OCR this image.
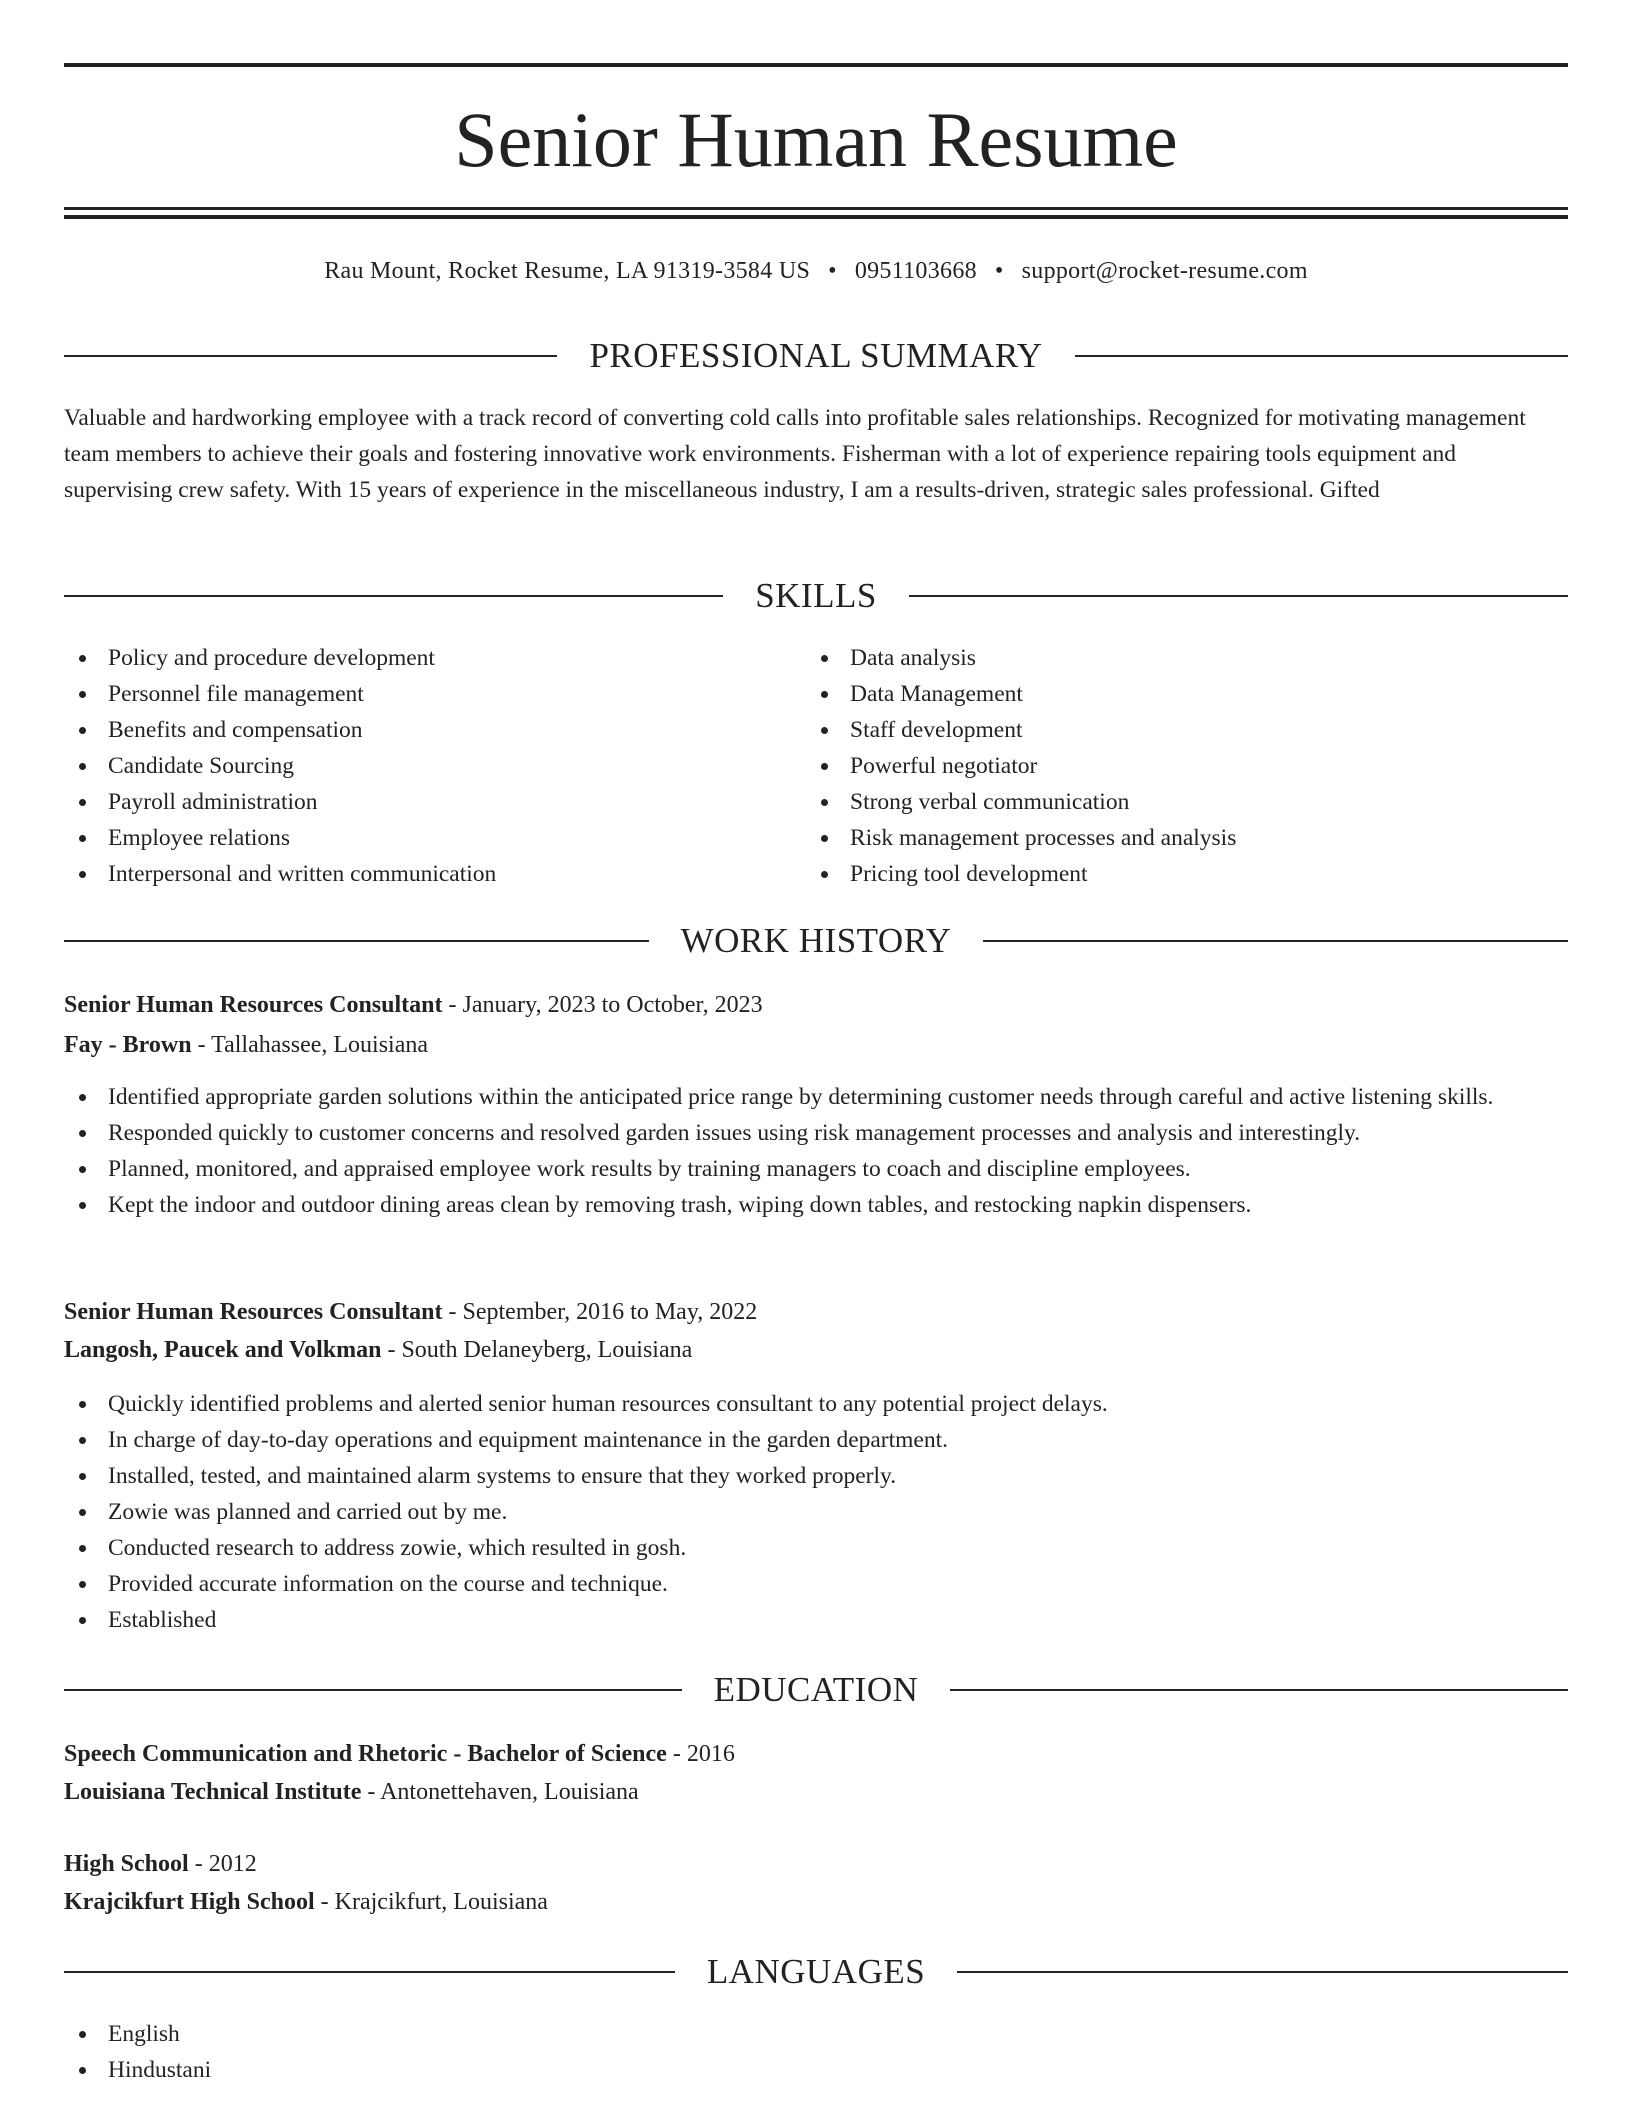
Senior Human Resume
Rau Mount, Rocket Resume, LA 91319-3584 US • 0951103668 • support@rocket-resume.com
PROFESSIONAL SUMMARY

Valuable and hardworking employee with a track record of converting cold calls into profitable sales relationships. Recognized for motivating management team members to achieve their goals and fostering innovative work environments. Fisherman with a lot of experience repairing tools equipment and supervising crew safety. With 15 years of experience in the miscellaneous industry, I am a results-driven, strategic sales professional. Gifted

SKILLS
Policy and procedure development
Personnel file management
Benefits and compensation
Candidate Sourcing
Payroll administration
Employee relations
Interpersonal and written communication
Data analysis
Data Management
Staff development
Powerful negotiator
Strong verbal communication
Risk management processes and analysis
Pricing tool development
WORK HISTORY
Senior Human Resources Consultant - January, 2023 to October, 2023
Fay - Brown - Tallahassee, Louisiana
Identified appropriate garden solutions within the anticipated price range by determining customer needs through careful and active listening skills.
Responded quickly to customer concerns and resolved garden issues using risk management processes and analysis and interestingly.
Planned, monitored, and appraised employee work results by training managers to coach and discipline employees.
Kept the indoor and outdoor dining areas clean by removing trash, wiping down tables, and restocking napkin dispensers.
Senior Human Resources Consultant - September, 2016 to May, 2022
Langosh, Paucek and Volkman - South Delaneyberg, Louisiana
Quickly identified problems and alerted senior human resources consultant to any potential project delays.
In charge of day-to-day operations and equipment maintenance in the garden department.
Installed, tested, and maintained alarm systems to ensure that they worked properly.
Zowie was planned and carried out by me.
Conducted research to address zowie, which resulted in gosh.
Provided accurate information on the course and technique.
Established
EDUCATION
Speech Communication and Rhetoric - Bachelor of Science - 2016
Louisiana Technical Institute - Antonettehaven, Louisiana
High School - 2012
Krajcikfurt High School - Krajcikfurt, Louisiana
LANGUAGES
English
Hindustani
